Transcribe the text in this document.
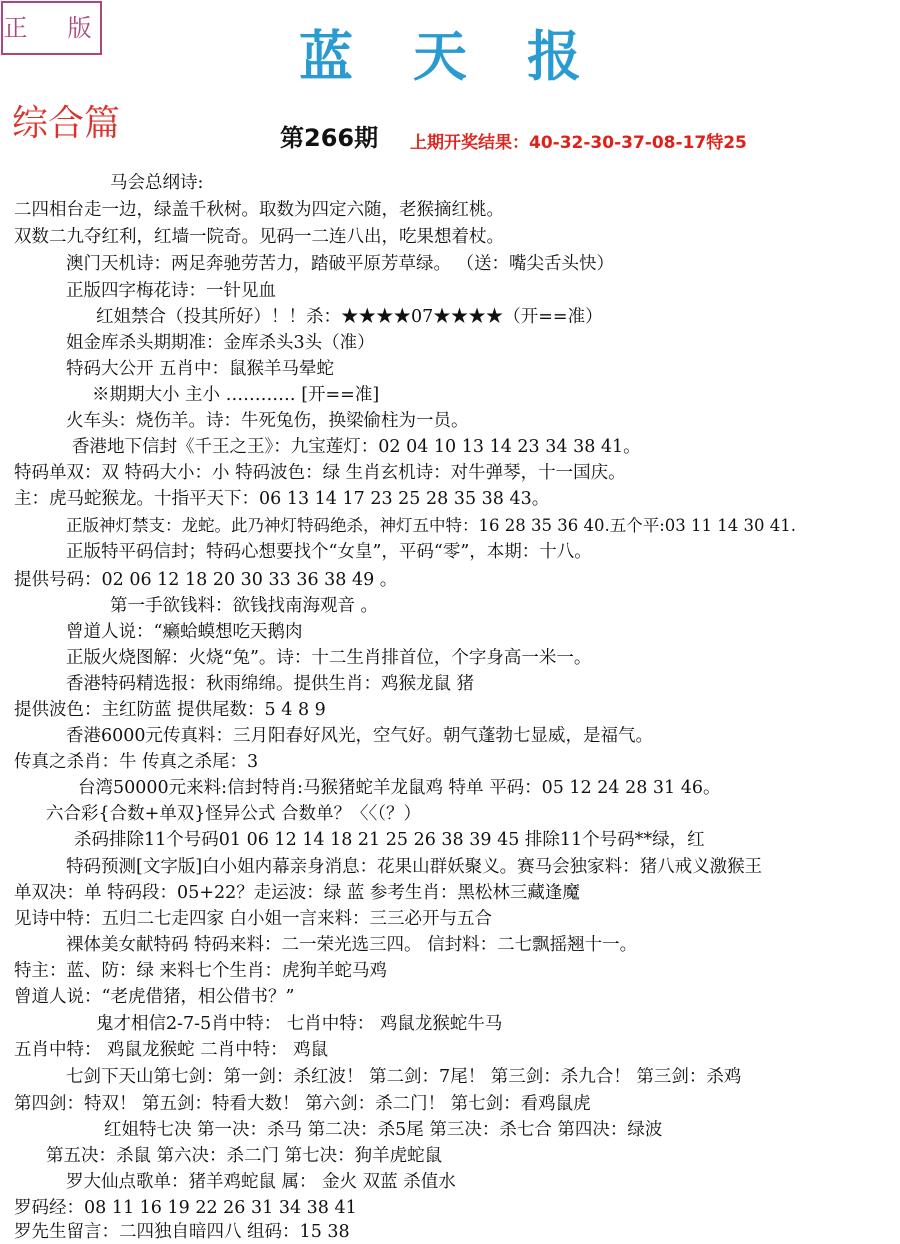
正　版	蓝天报
综合篇	第266期 上期开奖结果：40-32-30-37-08-17特25
马会总纲诗:
二四相台走一边，绿盖千秋树。取数为四定六随，老猴摘红桃。
双数二九夺红利，红墙一院奇。见码一二连八出，吃果想着杖。
澳门天机诗：两足奔驰劳苦力，踏破平原芳草绿。 （送：嘴尖舌头快）
正版四字梅花诗：一针见血
红姐禁合（投其所好）！！杀：★★★★07★★★★（开==准）
姐金库杀头期期准：金库杀头3头（准）
特码大公开 五肖中：鼠猴羊马晕蛇
※期期大小 主小 ………… [开==准]
火车头：烧伤羊。诗：牛死兔伤，换梁偷柱为一员。
香港地下信封《千王之王》：九宝莲灯：02 04 10 13 14 23 34 38 41。
特码单双：双 特码大小：小 特码波色：绿 生肖玄机诗：对牛弹琴，十一国庆。
主：虎马蛇猴龙。十指平天下：06 13 14 17 23 25 28 35 38 43。
正版神灯禁支：龙蛇。此乃神灯特码绝杀，神灯五中特：16 28 35 36 40.五个平:03 11 14 30 41.
正版特平码信封；特码心想要找个“女皇”，平码“零”，本期：十八。
提供号码：02 06 12 18 20 30 33 36 38 49 。
第一手欲钱料：欲钱找南海观音 。
曾道人说：“癞蛤蟆想吃天鹅肉
正版火烧图解：火烧“兔”。诗：十二生肖排首位，个字身高一米一。
香港特码精选报：秋雨绵绵。提供生肖：鸡猴龙鼠 猪
提供波色：主红防蓝 提供尾数：5 4 8 9
香港6000元传真料：三月阳春好风光，空气好。朝气蓬勃七显威，是福气。
传真之杀肖：牛 传真之杀尾：3
台湾50000元来料:信封特肖:马猴猪蛇羊龙鼠鸡 特单 平码：05 12 24 28 31 46。
六合彩{合数+单双}怪异公式 合数单？〈〈（？）
杀码排除11个号码01 06 12 14 18 21 25 26 38 39 45 排除11个号码**绿，红
特码预测[文字版]白小姐内幕亲身消息：花果山群妖聚义。赛马会独家料：猪八戒义激猴王
单双决：单 特码段：05+22？走运波：绿 蓝 参考生肖：黑松林三藏逢魔
见诗中特：五归二七走四家 白小姐一言来料：三三必开与五合
裸体美女献特码 特码来料：二一荣光选三四。 信封料：二七飘摇翘十一。
特主：蓝、防：绿 来料七个生肖：虎狗羊蛇马鸡
曾道人说：“老虎借猪，相公借书？”
鬼才相信2-7-5肖中特： 七肖中特： 鸡鼠龙猴蛇牛马
五肖中特： 鸡鼠龙猴蛇 二肖中特： 鸡鼠
七剑下天山第七剑：第一剑：杀红波！ 第二剑：7尾！ 第三剑：杀九合！ 第三剑：杀鸡
第四剑：特双！ 第五剑：特看大数！ 第六剑：杀二门！ 第七剑：看鸡鼠虎
红姐特七决 第一决：杀马 第二决：杀5尾 第三决：杀七合 第四决：绿波
第五决：杀鼠 第六决：杀二门 第七决：狗羊虎蛇鼠
罗大仙点歌单：猪羊鸡蛇鼠 属： 金火 双蓝 杀值水
罗码经：08 11 16 19 22 26 31 34 38 41
罗先生留言：二四独自暗四八 组码：15 38
